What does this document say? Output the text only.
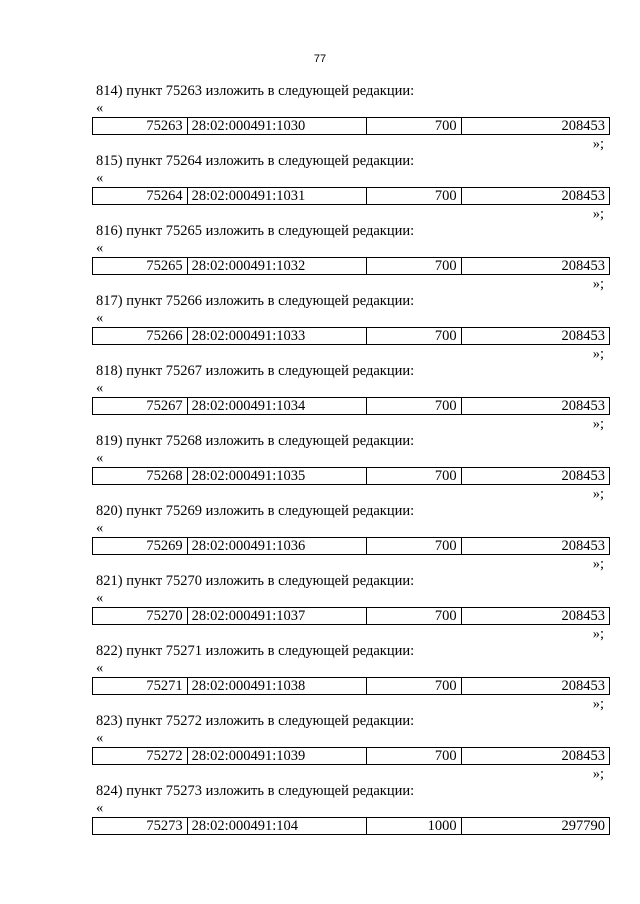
77
814) пункт 75263 изложить в следующей редакции:
«
75263 28:02:000491:1030	700	208453
»;
815) пункт 75264 изложить в следующей редакции:
«
75264 28:02:000491:1031	700	208453
»;
816) пункт 75265 изложить в следующей редакции:
«
75265 28:02:000491:1032	700	208453
»;
817) пункт 75266 изложить в следующей редакции:
«
75266 28:02:000491:1033	700	208453
»;
818) пункт 75267 изложить в следующей редакции:
«
75267 28:02:000491:1034	700	208453
»;
819) пункт 75268 изложить в следующей редакции:
«
75268 28:02:000491:1035	700	208453
»;
820) пункт 75269 изложить в следующей редакции:
«
75269 28:02:000491:1036	700	208453
»;
821) пункт 75270 изложить в следующей редакции:
«
75270 28:02:000491:1037	700	208453
»;
822) пункт 75271 изложить в следующей редакции:
«
75271 28:02:000491:1038	700	208453
»;
823) пункт 75272 изложить в следующей редакции:
«
75272 28:02:000491:1039	700	208453
»;
824) пункт 75273 изложить в следующей редакции:
«
75273 28:02:000491:104	1000	297790
